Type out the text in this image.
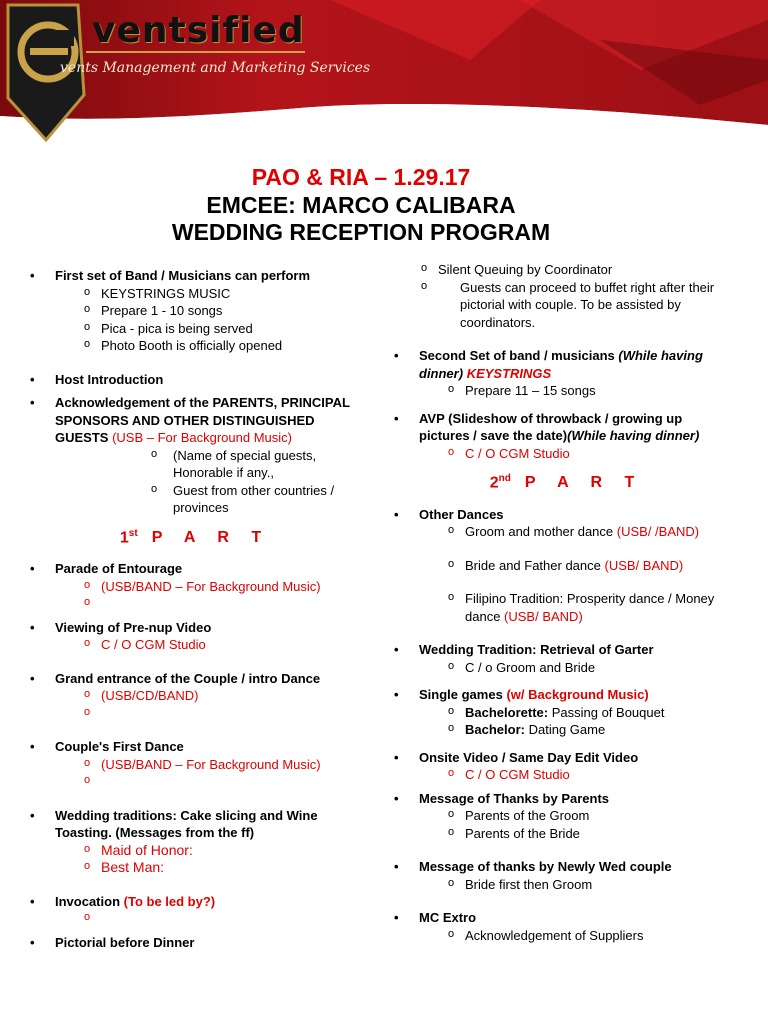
ventsified
vents Management and Marketing Services
PAO & RIA – 1.29.17
EMCEE: MARCO CALIBARA
WEDDING RECEPTION PROGRAM
• First set of Band / Musicians can perform
o KEYSTRINGS MUSIC
o Prepare 1 - 10 songs
o Pica - pica is being served
o Photo Booth is officially opened
• Host Introduction
• Acknowledgement of the PARENTS, PRINCIPAL SPONSORS AND OTHER DISTINGUISHED GUESTS (USB – For Background Music)
o (Name of special guests, Honorable if any.,
o Guest from other countries / provinces
1st P A R T
• Parade of Entourage
o (USB/BAND – For Background Music)
o
• Viewing of Pre-nup Video
o C / O CGM Studio
• Grand entrance of the Couple / intro Dance
o (USB/CD/BAND)
o
• Couple's First Dance
o (USB/BAND – For Background Music)
o
• Wedding traditions: Cake slicing and Wine Toasting. (Messages from the ff)
o Maid of Honor:
o Best Man:
• Invocation (To be led by?)
o
• Pictorial before Dinner
o Silent Queuing by Coordinator
o Guests can proceed to buffet right after their pictorial with couple. To be assisted by coordinators.
• Second Set of band / musicians (While having dinner) KEYSTRINGS
o Prepare 11 – 15 songs
• AVP (Slideshow of throwback / growing up pictures / save the date)(While having dinner)
o C / O CGM Studio
2nd P A R T
• Other Dances
o Groom and mother dance (USB/ /BAND)
o Bride and Father dance (USB/ BAND)
o Filipino Tradition: Prosperity dance / Money dance (USB/ BAND)
• Wedding Tradition: Retrieval of Garter
o C / o Groom and Bride
• Single games (w/ Background Music)
o Bachelorette: Passing of Bouquet
o Bachelor: Dating Game
• Onsite Video / Same Day Edit Video
o C / O CGM Studio
• Message of Thanks by Parents
o Parents of the Groom
o Parents of the Bride
• Message of thanks by Newly Wed couple
o Bride first then Groom
• MC Extro
o Acknowledgement of Suppliers
